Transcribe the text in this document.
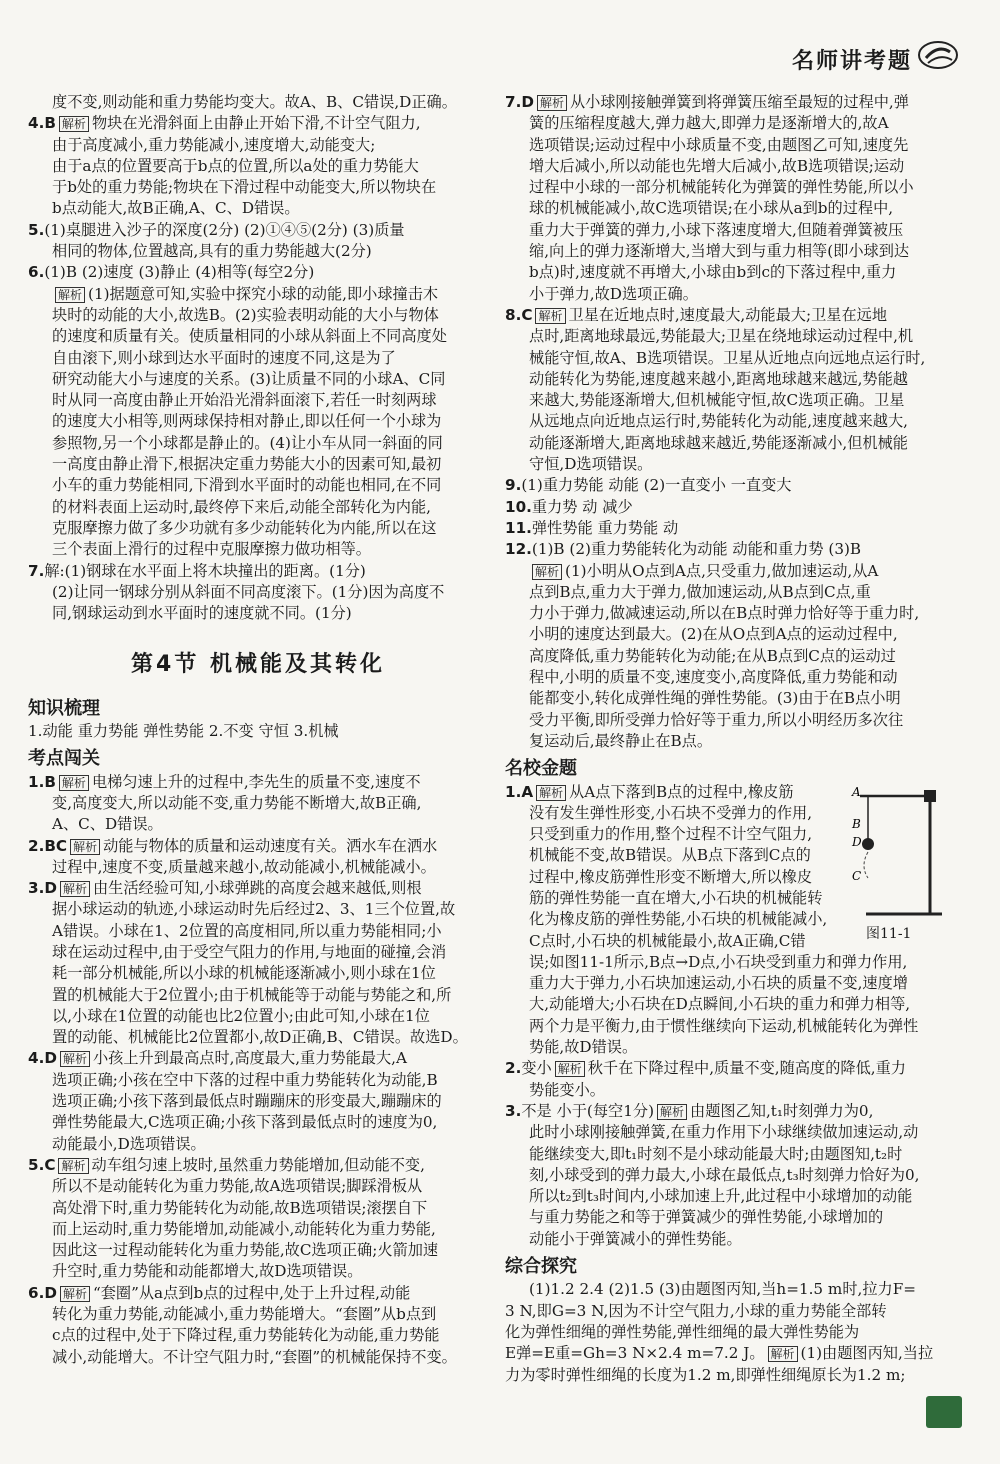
名师讲考题

度不变,则动能和重力势能均变大。故A、B、C错误,D正确。

4.B 解析 物块在光滑斜面上由静止开始下滑,不计空气阻力,

由于高度减小,重力势能减小,速度增大,动能变大;

由于a点的位置要高于b点的位置,所以a处的重力势能大

于b处的重力势能;物块在下滑过程中动能变大,所以物块在

b点动能大,故B正确,A、C、D错误。

5.(1)桌腿进入沙子的深度(2分) (2)①④⑤(2分) (3)质量

相同的物体,位置越高,具有的重力势能越大(2分)

6.(1)B (2)速度 (3)静止 (4)相等(每空2分)

解析 (1)据题意可知,实验中探究小球的动能,即小球撞击木

块时的动能的大小,故选B。(2)实验表明动能的大小与物体

的速度和质量有关。使质量相同的小球从斜面上不同高度处

自由滚下,则小球到达水平面时的速度不同,这是为了

研究动能大小与速度的关系。(3)让质量不同的小球A、C同

时从同一高度由静止开始沿光滑斜面滚下,若任一时刻两球

的速度大小相等,则两球保持相对静止,即以任何一个小球为

参照物,另一个小球都是静止的。(4)让小车从同一斜面的同

一高度由静止滑下,根据决定重力势能大小的因素可知,最初

小车的重力势能相同,下滑到水平面时的动能也相同,在不同

的材料表面上运动时,最终停下来后,动能全部转化为内能,

克服摩擦力做了多少功就有多少动能转化为内能,所以在这

三个表面上滑行的过程中克服摩擦力做功相等。

7.解:(1)钢球在水平面上将木块撞出的距离。(1分)

(2)让同一钢球分别从斜面不同高度滚下。(1分)因为高度不

同,钢球运动到水平面时的速度就不同。(1分)

第4节 机械能及其转化
知识梳理

1.动能 重力势能 弹性势能 2.不变 守恒 3.机械

考点闯关

1.B 解析 电梯匀速上升的过程中,李先生的质量不变,速度不

变,高度变大,所以动能不变,重力势能不断增大,故B正确,

A、C、D错误。

2.BC 解析 动能与物体的质量和运动速度有关。洒水车在洒水

过程中,速度不变,质量越来越小,故动能减小,机械能减小。

3.D 解析 由生活经验可知,小球弹跳的高度会越来越低,则根

据小球运动的轨迹,小球运动时先后经过2、3、1三个位置,故

A错误。小球在1、2位置的高度相同,所以重力势能相同;小

球在运动过程中,由于受空气阻力的作用,与地面的碰撞,会消

耗一部分机械能,所以小球的机械能逐渐减小,则小球在1位

置的机械能大于2位置小;由于机械能等于动能与势能之和,所

以,小球在1位置的动能也比2位置小;由此可知,小球在1位

置的动能、机械能比2位置都小,故D正确,B、C错误。故选D。

4.D 解析 小孩上升到最高点时,高度最大,重力势能最大,A

选项正确;小孩在空中下落的过程中重力势能转化为动能,B

选项正确;小孩下落到最低点时蹦蹦床的形变最大,蹦蹦床的

弹性势能最大,C选项正确;小孩下落到最低点时的速度为0,

动能最小,D选项错误。

5.C 解析 动车组匀速上坡时,虽然重力势能增加,但动能不变,

所以不是动能转化为重力势能,故A选项错误;脚踩滑板从

高处滑下时,重力势能转化为动能,故B选项错误;滚摆自下

而上运动时,重力势能增加,动能减小,动能转化为重力势能,

因此这一过程动能转化为重力势能,故C选项正确;火箭加速

升空时,重力势能和动能都增大,故D选项错误。

6.D 解析 “套圈”从a点到b点的过程中,处于上升过程,动能

转化为重力势能,动能减小,重力势能增大。“套圈”从b点到

c点的过程中,处于下降过程,重力势能转化为动能,重力势能

减小,动能增大。不计空气阻力时,“套圈”的机械能保持不变。

7.D 解析 从小球刚接触弹簧到将弹簧压缩至最短的过程中,弹

簧的压缩程度越大,弹力越大,即弹力是逐渐增大的,故A

选项错误;运动过程中小球质量不变,由题图乙可知,速度先

增大后减小,所以动能也先增大后减小,故B选项错误;运动

过程中小球的一部分机械能转化为弹簧的弹性势能,所以小

球的机械能减小,故C选项错误;在小球从a到b的过程中,

重力大于弹簧的弹力,小球下落速度增大,但随着弹簧被压

缩,向上的弹力逐渐增大,当增大到与重力相等(即小球到达

b点)时,速度就不再增大,小球由b到c的下落过程中,重力

小于弹力,故D选项正确。

8.C 解析 卫星在近地点时,速度最大,动能最大;卫星在远地

点时,距离地球最远,势能最大;卫星在绕地球运动过程中,机

械能守恒,故A、B选项错误。卫星从近地点向远地点运行时,

动能转化为势能,速度越来越小,距离地球越来越远,势能越

来越大,势能逐渐增大,但机械能守恒,故C选项正确。卫星

从远地点向近地点运行时,势能转化为动能,速度越来越大,

动能逐渐增大,距离地球越来越近,势能逐渐减小,但机械能

守恒,D选项错误。

9.(1)重力势能 动能 (2)一直变小 一直变大

10.重力势 动 减少

11.弹性势能 重力势能 动

12.(1)B (2)重力势能转化为动能 动能和重力势 (3)B

解析 (1)小明从O点到A点,只受重力,做加速运动,从A

点到B点,重力大于弹力,做加速运动,从B点到C点,重

力小于弹力,做减速运动,所以在B点时弹力恰好等于重力时,

小明的速度达到最大。(2)在从O点到A点的运动过程中,

高度降低,重力势能转化为动能;在从B点到C点的运动过

程中,小明的质量不变,速度变小,高度降低,重力势能和动

能都变小,转化成弹性绳的弹性势能。(3)由于在B点小明

受力平衡,即所受弹力恰好等于重力,所以小明经历多次往

复运动后,最终静止在B点。

名校金题
A
B
D
C
图11-1

1.A 解析 从A点下落到B点的过程中,橡皮筋

没有发生弹性形变,小石块不受弹力的作用,

只受到重力的作用,整个过程不计空气阻力,

机械能不变,故B错误。从B点下落到C点的

过程中,橡皮筋弹性形变不断增大,所以橡皮

筋的弹性势能一直在增大,小石块的机械能转

化为橡皮筋的弹性势能,小石块的机械能减小,

C点时,小石块的机械能最小,故A正确,C错

误;如图11-1所示,B点→D点,小石块受到重力和弹力作用,

重力大于弹力,小石块加速运动,小石块的质量不变,速度增

大,动能增大;小石块在D点瞬间,小石块的重力和弹力相等,

两个力是平衡力,由于惯性继续向下运动,机械能转化为弹性

势能,故D错误。

2.变小 解析 秋千在下降过程中,质量不变,随高度的降低,重力

势能变小。

3.不是 小于(每空1分) 解析 由题图乙知,t₁时刻弹力为0,

此时小球刚接触弹簧,在重力作用下小球继续做加速运动,动

能继续变大,即t₁时刻不是小球动能最大时;由题图知,t₂时

刻,小球受到的弹力最大,小球在最低点,t₃时刻弹力恰好为0,

所以t₂到t₃时间内,小球加速上升,此过程中小球增加的动能

与重力势能之和等于弹簧减少的弹性势能,小球增加的

动能小于弹簧减小的弹性势能。

综合探究

(1)1.2 2.4 (2)1.5 (3)由题图丙知,当h=1.5 m时,拉力F=

3 N,即G=3 N,因为不计空气阻力,小球的重力势能全部转

化为弹性细绳的弹性势能,弹性细绳的最大弹性势能为

E弹=E重=Gh=3 N×2.4 m=7.2 J。 解析 (1)由题图丙知,当拉

力为零时弹性细绳的长度为1.2 m,即弹性细绳原长为1.2 m;
